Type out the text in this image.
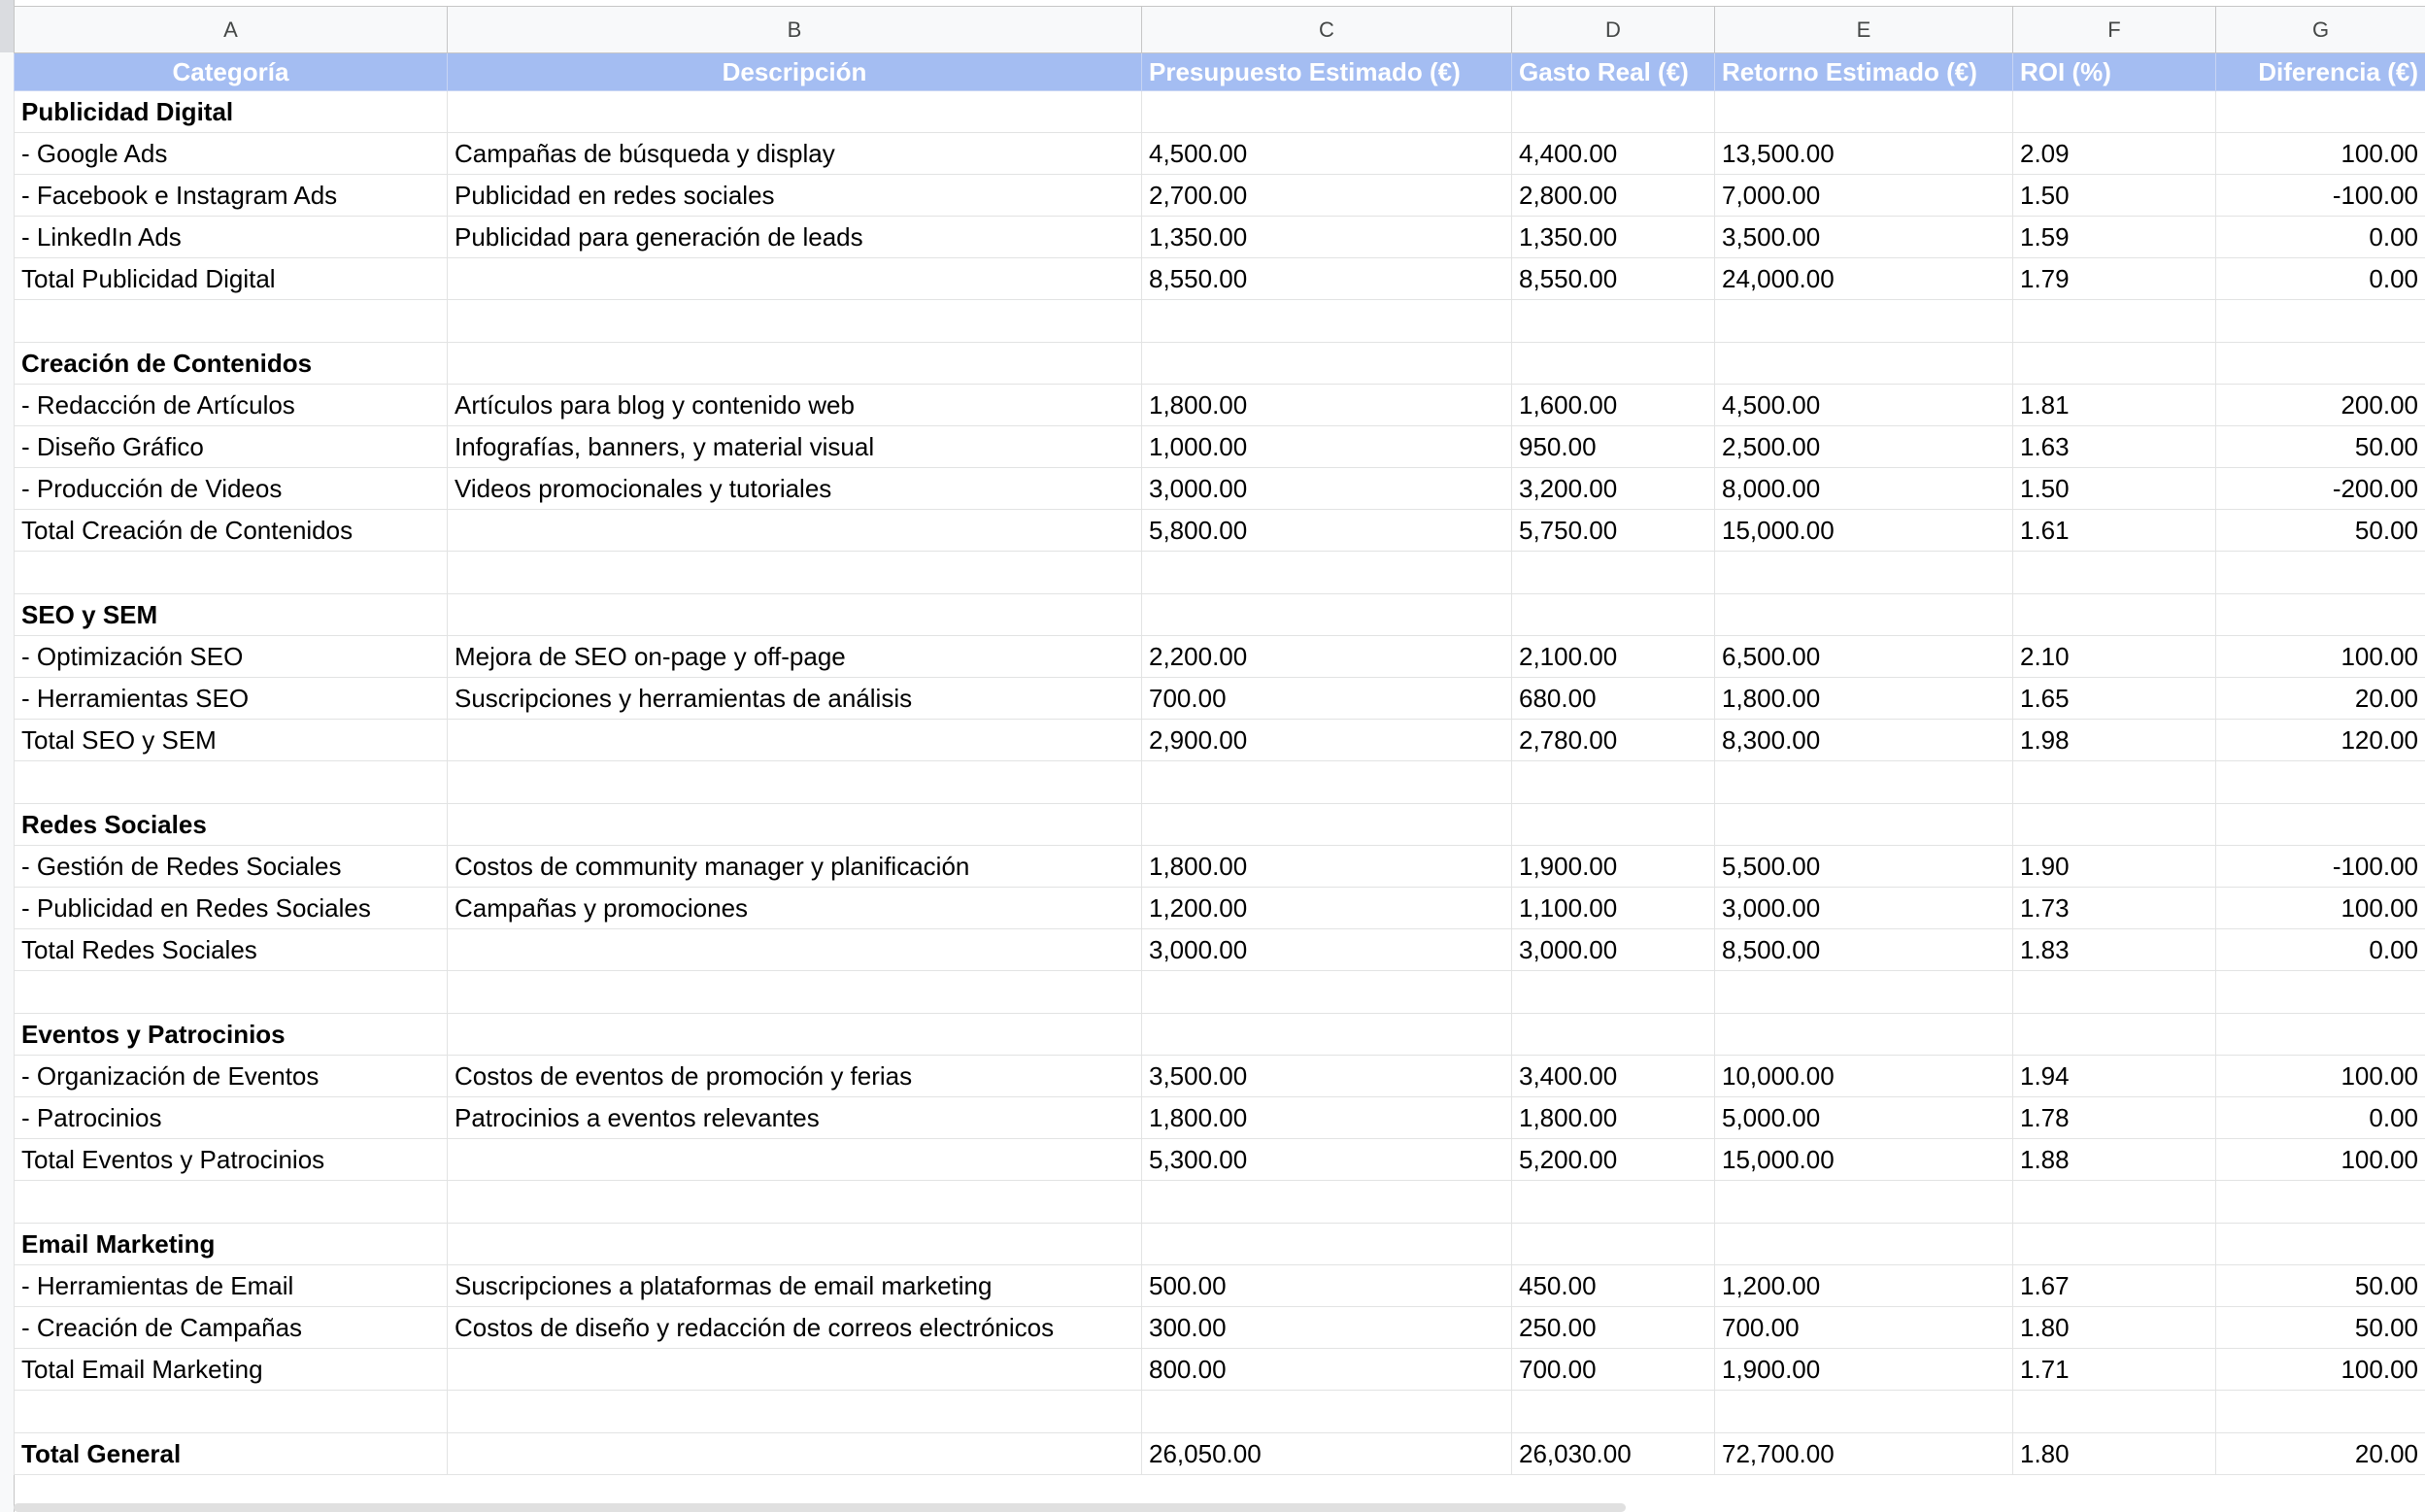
A	B	C	D	E	F	G
Categoría	Descripción	Presupuesto Estimado (€)	Gasto Real (€)	Retorno Estimado (€)	ROI (%)	Diferencia (€)
Publicidad Digital						
- Google Ads	Campañas de búsqueda y display	4,500.00	4,400.00	13,500.00	2.09	100.00
- Facebook e Instagram Ads	Publicidad en redes sociales	2,700.00	2,800.00	7,000.00	1.50	-100.00
- LinkedIn Ads	Publicidad para generación de leads	1,350.00	1,350.00	3,500.00	1.59	0.00
Total Publicidad Digital		8,550.00	8,550.00	24,000.00	1.79	0.00

Creación de Contenidos						
- Redacción de Artículos	Artículos para blog y contenido web	1,800.00	1,600.00	4,500.00	1.81	200.00
- Diseño Gráfico	Infografías, banners, y material visual	1,000.00	950.00	2,500.00	1.63	50.00
- Producción de Videos	Videos promocionales y tutoriales	3,000.00	3,200.00	8,000.00	1.50	-200.00
Total Creación de Contenidos		5,800.00	5,750.00	15,000.00	1.61	50.00

SEO y SEM						
- Optimización SEO	Mejora de SEO on-page y off-page	2,200.00	2,100.00	6,500.00	2.10	100.00
- Herramientas SEO	Suscripciones y herramientas de análisis	700.00	680.00	1,800.00	1.65	20.00
Total SEO y SEM		2,900.00	2,780.00	8,300.00	1.98	120.00

Redes Sociales						
- Gestión de Redes Sociales	Costos de community manager y planificación	1,800.00	1,900.00	5,500.00	1.90	-100.00
- Publicidad en Redes Sociales	Campañas y promociones	1,200.00	1,100.00	3,000.00	1.73	100.00
Total Redes Sociales		3,000.00	3,000.00	8,500.00	1.83	0.00

Eventos y Patrocinios						
- Organización de Eventos	Costos de eventos de promoción y ferias	3,500.00	3,400.00	10,000.00	1.94	100.00
- Patrocinios	Patrocinios a eventos relevantes	1,800.00	1,800.00	5,000.00	1.78	0.00
Total Eventos y Patrocinios		5,300.00	5,200.00	15,000.00	1.88	100.00

Email Marketing						
- Herramientas de Email	Suscripciones a plataformas de email marketing	500.00	450.00	1,200.00	1.67	50.00
- Creación de Campañas	Costos de diseño y redacción de correos electrónicos	300.00	250.00	700.00	1.80	50.00
Total Email Marketing		800.00	700.00	1,900.00	1.71	100.00

Total General		26,050.00	26,030.00	72,700.00	1.80	20.00
